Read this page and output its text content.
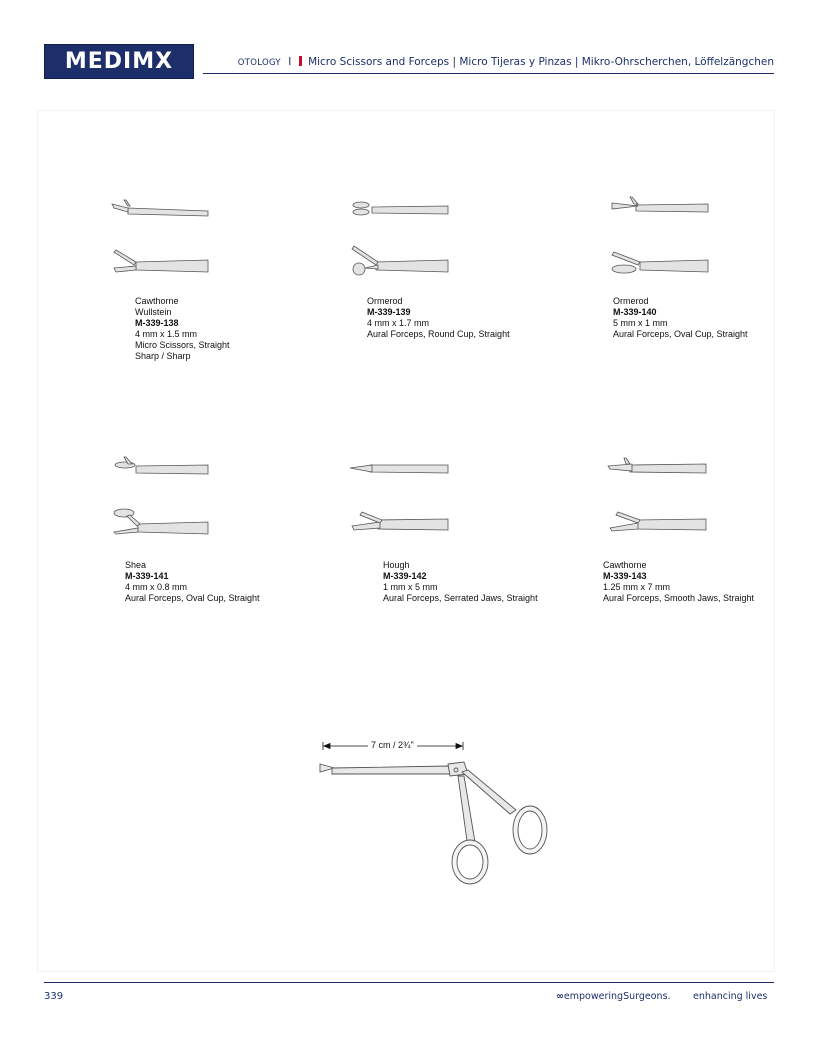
MEDIMX	OTOLOGY I Micro Scissors and Forceps | Micro Tijeras y Pinzas | Mikro-Ohrscherchen, Löffelzängchen
Cawthorne
Wullstein
M-339-138
4 mm x 1.5 mm
Micro Scissors, Straight
Sharp / Sharp
Ormerod
M-339-139
4 mm x 1.7 mm
Aural Forceps, Round Cup, Straight
Ormerod
M-339-140
5 mm x 1 mm
Aural Forceps, Oval Cup, Straight
Shea
M-339-141
4 mm x 0.8 mm
Aural Forceps, Oval Cup, Straight
Hough
M-339-142
1 mm x 5 mm
Aural Forceps, Serrated Jaws, Straight
Cawthorne
M-339-143
1.25 mm x 7 mm
Aural Forceps, Smooth Jaws, Straight
7 cm / 2¾"
339	∞empoweringSurgeons. enhancing lives
